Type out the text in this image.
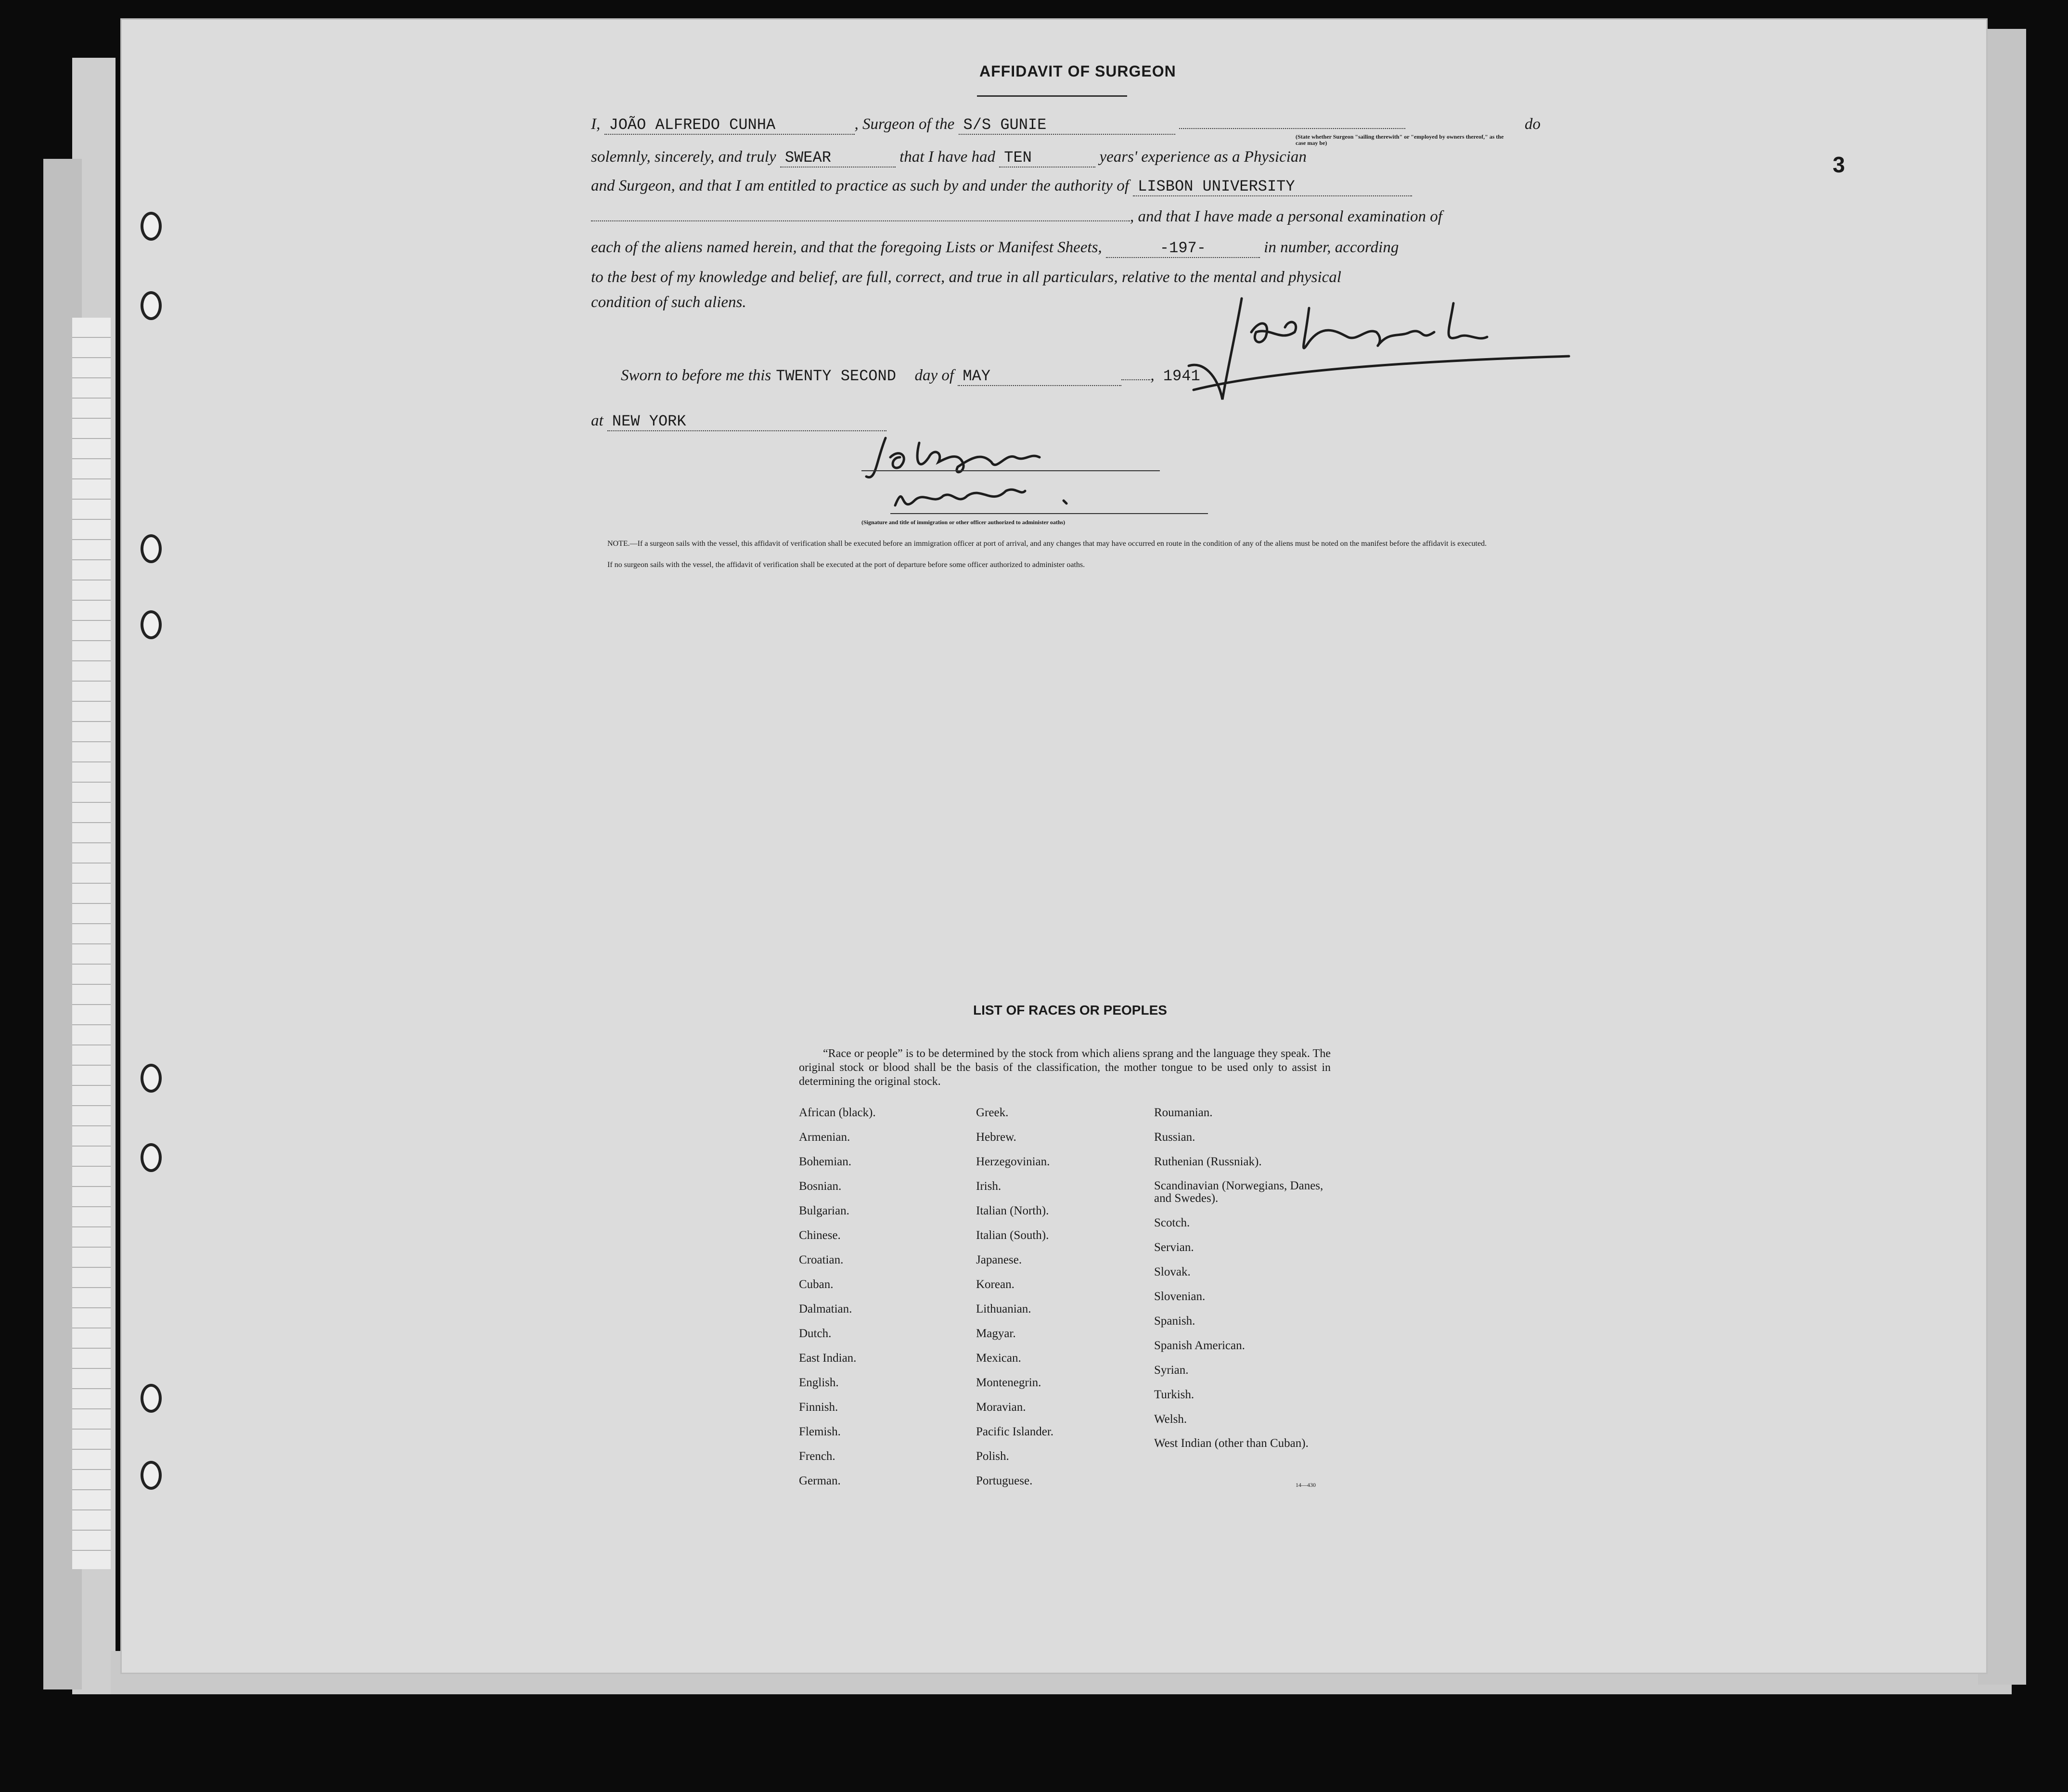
3
AFFIDAVIT OF SURGEON
I, JOÃO ALFREDO CUNHA	, Surgeon of the S/S GUNIE	do
(State whether Surgeon "sailing therewith" or "employed by owners thereof," as the case may be)
solemnly, sincerely, and truly SWEAR	that I have had TEN	years' experience as a Physician
and Surgeon, and that I am entitled to practice as such by and under the authority of LISBON UNIVERSITY
, and that I have made a personal examination of
each of the aliens named herein, and that the foregoing Lists or Manifest Sheets,	-197-	in number, according
to the best of my knowledge and belief, are full, correct, and true in all particulars, relative to the mental and physical
condition of such aliens.
Sworn to before me this TWENTY SECOND day of MAY	, 1941
at NEW YORK
(Signature and title of immigration or other officer authorized to administer oaths)
NOTE.—If a surgeon sails with the vessel, this affidavit of verification shall be executed before an immigration officer at port of arrival, and any changes that may have occurred en route in the condition of any of the aliens must be noted on the manifest before the affidavit is executed.
If no surgeon sails with the vessel, the affidavit of verification shall be executed at the port of departure before some officer authorized to administer oaths.
LIST OF RACES OR PEOPLES
“Race or people” is to be determined by the stock from which aliens sprang and the language they speak. The original stock or blood shall be the basis of the classification, the mother tongue to be used only to assist in determining the original stock.
African (black).
Armenian.
Bohemian.
Bosnian.
Bulgarian.
Chinese.
Croatian.
Cuban.
Dalmatian.
Dutch.
East Indian.
English.
Finnish.
Flemish.
French.
German.
Greek.
Hebrew.
Herzegovinian.
Irish.
Italian (North).
Italian (South).
Japanese.
Korean.
Lithuanian.
Magyar.
Mexican.
Montenegrin.
Moravian.
Pacific Islander.
Polish.
Portuguese.
Roumanian.
Russian.
Ruthenian (Russniak).
Scandinavian (Norwegians, Danes, and Swedes).
Scotch.
Servian.
Slovak.
Slovenian.
Spanish.
Spanish American.
Syrian.
Turkish.
Welsh.
West Indian (other than Cuban).
14—430
